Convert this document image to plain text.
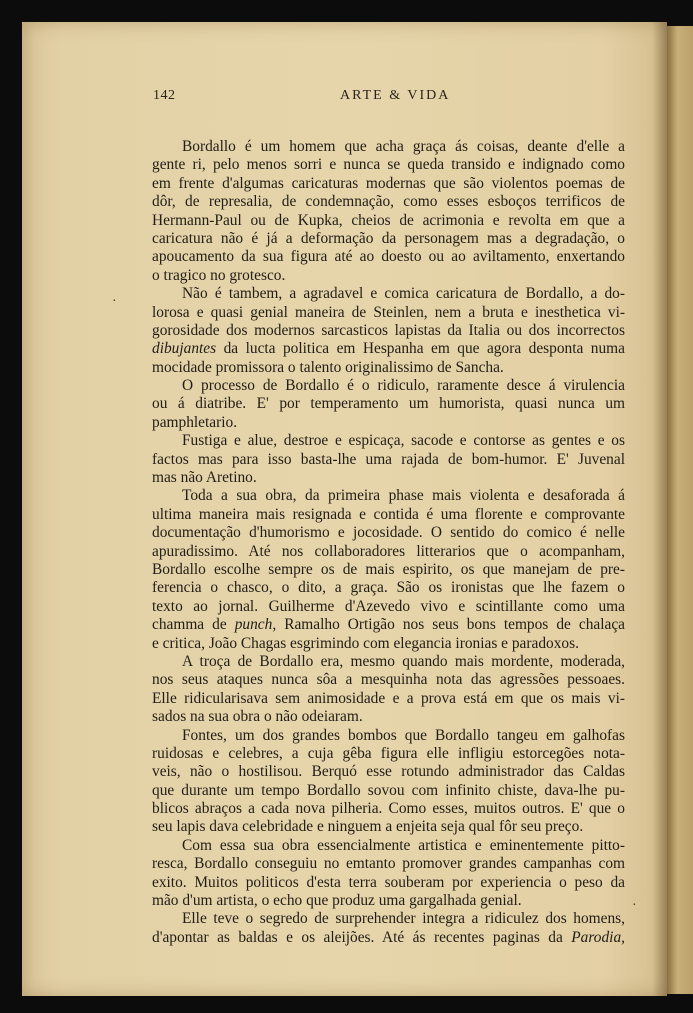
142	ARTE & VIDA
Bordallo é um homem que acha graça ás coisas, deante d'elle a
gente ri, pelo menos sorri e nunca se queda transido e indignado como
em frente d'algumas caricaturas modernas que são violentos poemas de
dôr, de represalia, de condemnação, como esses esboços terrificos de
Hermann-Paul ou de Kupka, cheios de acrimonia e revolta em que a
caricatura não é já a deformação da personagem mas a degradação, o
apoucamento da sua figura até ao doesto ou ao aviltamento, enxertando
o tragico no grotesco.
Não é tambem, a agradavel e comica caricatura de Bordallo, a do-
lorosa e quasi genial maneira de Steinlen, nem a bruta e inesthetica vi-
gorosidade dos modernos sarcasticos lapistas da Italia ou dos incorrectos
dibujantes da lucta politica em Hespanha em que agora desponta numa
mocidade promissora o talento originalissimo de Sancha.
O processo de Bordallo é o ridiculo, raramente desce á virulencia
ou á diatribe. E' por temperamento um humorista, quasi nunca um
pamphletario.
Fustiga e alue, destroe e espicaça, sacode e contorse as gentes e os
factos mas para isso basta-lhe uma rajada de bom-humor. E' Juvenal
mas não Aretino.
Toda a sua obra, da primeira phase mais violenta e desaforada á
ultima maneira mais resignada e contida é uma florente e comprovante
documentação d'humorismo e jocosidade. O sentido do comico é nelle
apuradissimo. Até nos collaboradores litterarios que o acompanham,
Bordallo escolhe sempre os de mais espirito, os que manejam de pre-
ferencia o chasco, o dito, a graça. São os ironistas que lhe fazem o
texto ao jornal. Guilherme d'Azevedo vivo e scintillante como uma
chamma de punch, Ramalho Ortigão nos seus bons tempos de chalaça
e critica, João Chagas esgrimindo com elegancia ironias e paradoxos.
A troça de Bordallo era, mesmo quando mais mordente, moderada,
nos seus ataques nunca sôa a mesquinha nota das agressões pessoaes.
Elle ridicularisava sem animosidade e a prova está em que os mais vi-
sados na sua obra o não odeiaram.
Fontes, um dos grandes bombos que Bordallo tangeu em galhofas
ruidosas e celebres, a cuja gêba figura elle infligiu estorcegões nota-
veis, não o hostilisou. Berquó esse rotundo administrador das Caldas
que durante um tempo Bordallo sovou com infinito chiste, dava-lhe pu-
blicos abraços a cada nova pilheria. Como esses, muitos outros. E' que o
seu lapis dava celebridade e ninguem a enjeita seja qual fôr seu preço.
Com essa sua obra essencialmente artistica e eminentemente pitto-
resca, Bordallo conseguiu no emtanto promover grandes campanhas com
exito. Muitos politicos d'esta terra souberam por experiencia o peso da
mão d'um artista, o echo que produz uma gargalhada genial.
Elle teve o segredo de surprehender integra a ridiculez dos homens,
d'apontar as baldas e os aleijões. Até ás recentes paginas da Parodia,
·
·
